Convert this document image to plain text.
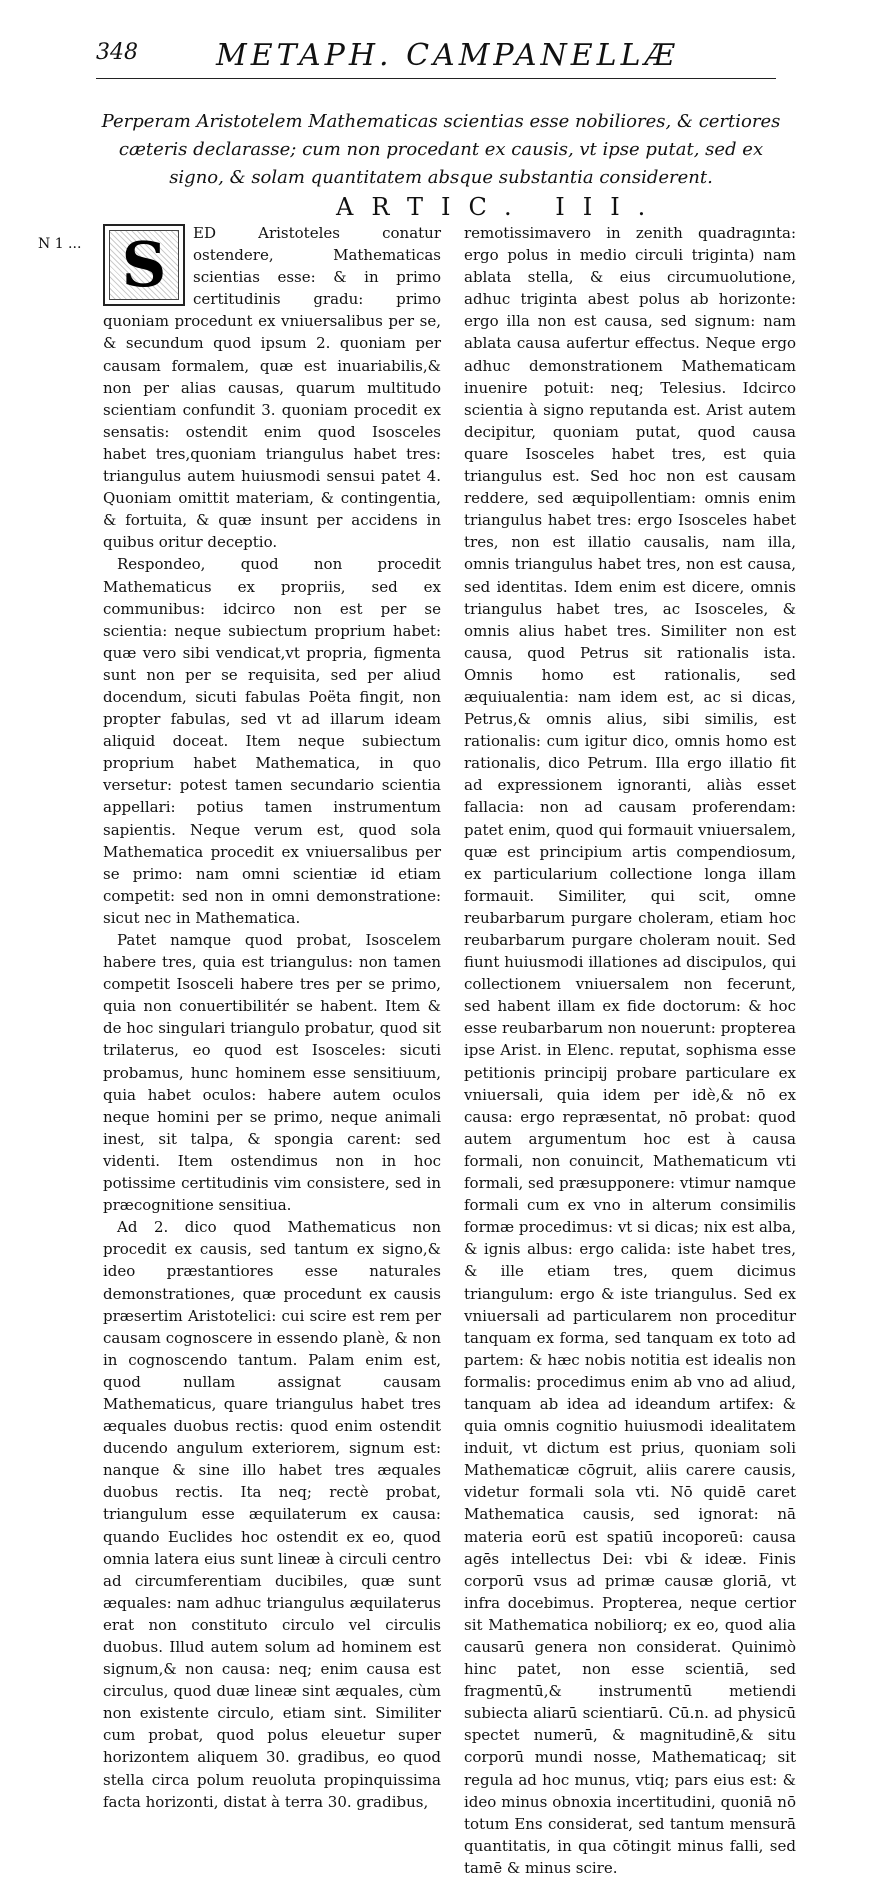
348	METAPH. CAMPANELLÆ
Perperam Aristotelem Mathematicas scientias esse nobiliores, & certiores cæteris declarasse; cum non procedant ex causis, vt ipse putat, sed ex signo, & solam quantitatem absque substantia considerent.
ARTIC. III.
N 1 ... S	ED Aristoteles conatur ostendere, Mathematicas scientias esse: & in primo certitudinis gradu: primo quoniam procedunt ex vniuersalibus per se, & secundum quod ipsum 2. quoniam per causam formalem, quæ est inuariabilis,& non per alias causas, quarum multitudo scientiam confundit 3. quoniam procedit ex sensatis: ostendit enim quod Isosceles habet tres,quoniam triangulus habet tres: triangulus autem huiusmodi sensui patet 4. Quoniam omittit materiam, & contingentia, & fortuita, & quæ insunt per accidens in quibus oritur deceptio.

Respondeo, quod non procedit Mathematicus ex propriis, sed ex communibus: idcirco non est per se scientia: neque subiectum proprium habet: quæ vero sibi vendicat,vt propria, figmenta sunt non per se requisita, sed per aliud docendum, sicuti fabulas Poëta fingit, non propter fabulas, sed vt ad illarum ideam aliquid doceat. Item neque subiectum proprium habet Mathematica, in quo versetur: potest tamen secundario scientia appellari: potius tamen instrumentum sapientis. Neque verum est, quod sola Mathematica procedit ex vniuersalibus per se primo: nam omni scientiæ id etiam competit: sed non in omni demonstratione: sicut nec in Mathematica.

Patet namque quod probat, Isoscelem habere tres, quia est triangulus: non tamen competit Isosceli habere tres per se primo, quia non conuertibilitér se habent. Item & de hoc singulari triangulo probatur, quod sit trilaterus, eo quod est Isosceles: sicuti probamus, hunc hominem esse sensitiuum, quia habet oculos: habere autem oculos neque homini per se primo, neque animali inest, sit talpa, & spongia carent: sed videnti. Item ostendimus non in hoc potissime certitudinis vim consistere, sed in præcognitione sensitiua.

Ad 2. dico quod Mathematicus non procedit ex causis, sed tantum ex signo,& ideo præstantiores esse naturales demonstrationes, quæ procedunt ex causis præsertim Aristotelici: cui scire est rem per causam cognoscere in essendo planè, & non in cognoscendo tantum. Palam enim est, quod nullam assignat causam Mathematicus, quare triangulus habet tres æquales duobus rectis: quod enim ostendit ducendo angulum exteriorem, signum est: nanque & sine illo habet tres æquales duobus rectis. Ita neq; rectè probat, triangulum esse æquilaterum ex causa: quando Euclides hoc ostendit ex eo, quod omnia latera eius sunt lineæ à circuli centro ad circumferentiam ducibiles, quæ sunt æquales: nam adhuc triangulus æquilaterus erat non constituto circulo vel circulis duobus. Illud autem solum ad hominem est signum,& non causa: neq; enim causa est circulus, quod duæ lineæ sint æquales, cùm non existente circulo, etiam sint. Similiter cum probat, quod polus eleuetur super horizontem aliquem 30. gradibus, eo quod stella circa polum reuoluta propinquissima facta horizonti, distat à terra 30. gradibus,

remotissimavero in zenith quadragınta: ergo polus in medio circuli triginta) nam ablata stella, & eius circumuolutione, adhuc triginta abest polus ab horizonte: ergo illa non est causa, sed signum: nam ablata causa aufertur effectus. Neque ergo adhuc demonstrationem Mathematicam inuenire potuit: neq; Telesius. Idcirco scientia à signo reputanda est. Arist autem decipitur, quoniam putat, quod causa quare Isosceles habet tres, est quia triangulus est. Sed hoc non est causam reddere, sed æquipollentiam: omnis enim triangulus habet tres: ergo Isosceles habet tres, non est illatio causalis, nam illa, omnis triangulus habet tres, non est causa, sed identitas. Idem enim est dicere, omnis triangulus habet tres, ac Isosceles, & omnis alius habet tres. Similiter non est causa, quod Petrus sit rationalis ista. Omnis homo est rationalis, sed æquiualentia: nam idem est, ac si dicas, Petrus,& omnis alius, sibi similis, est rationalis: cum igitur dico, omnis homo est rationalis, dico Petrum. Illa ergo illatio fit ad expressionem ignoranti, aliàs esset fallacia: non ad causam proferendam: patet enim, quod qui formauit vniuersalem, quæ est principium artis compendiosum, ex particularium collectione longa illam formauit. Similiter, qui scit, omne reubarbarum purgare choleram, etiam hoc reubarbarum purgare choleram nouit. Sed fiunt huiusmodi illationes ad discipulos, qui collectionem vniuersalem non fecerunt, sed habent illam ex fide doctorum: & hoc esse reubarbarum non nouerunt: propterea ipse Arist. in Elenc. reputat, sophisma esse petitionis principij probare particulare ex vniuersali, quia idem per idè,& nō ex causa: ergo repræsentat, nō probat: quod autem argumentum hoc est à causa formali, non conuincit, Mathematicum vti formali, sed præsupponere: vtimur namque formali cum ex vno in alterum consimilis formæ procedimus: vt si dicas; nix est alba, & ignis albus: ergo calida: iste habet tres, & ille etiam tres, quem dicimus triangulum: ergo & iste triangulus. Sed ex vniuersali ad particularem non proceditur tanquam ex forma, sed tanquam ex toto ad partem: & hæc nobis notitia est idealis non formalis: procedimus enim ab vno ad aliud, tanquam ab idea ad ideandum artifex: & quia omnis cognitio huiusmodi idealitatem induit, vt dictum est prius, quoniam soli Mathematicæ cōgruit, aliis carere causis, videtur formali sola vti. Nō quidē caret Mathematica causis, sed ignorat: nā materia eorū est spatiū incoporeū: causa agēs intellectus Dei: vbi & ideæ. Finis corporū vsus ad primæ causæ gloriā, vt infra docebimus. Propterea, neque certior sit Mathematica nobiliorq; ex eo, quod alia causarū genera non considerat. Quinimò hinc patet, non esse scientiā, sed fragmentū,& instrumentū metiendi subiecta aliarū scientiarū. Cū.n. ad physicū spectet numerū, & magnitudinē,& situ corporū mundi nosse, Mathematicaq; sit regula ad hoc munus, vtiq; pars eius est: & ideo minus obnoxia incertitudini, quoniā nō totum Ens considerat, sed tantum mensurā quantitatis, in qua cōtingit minus falli, sed tamē & minus scire.
